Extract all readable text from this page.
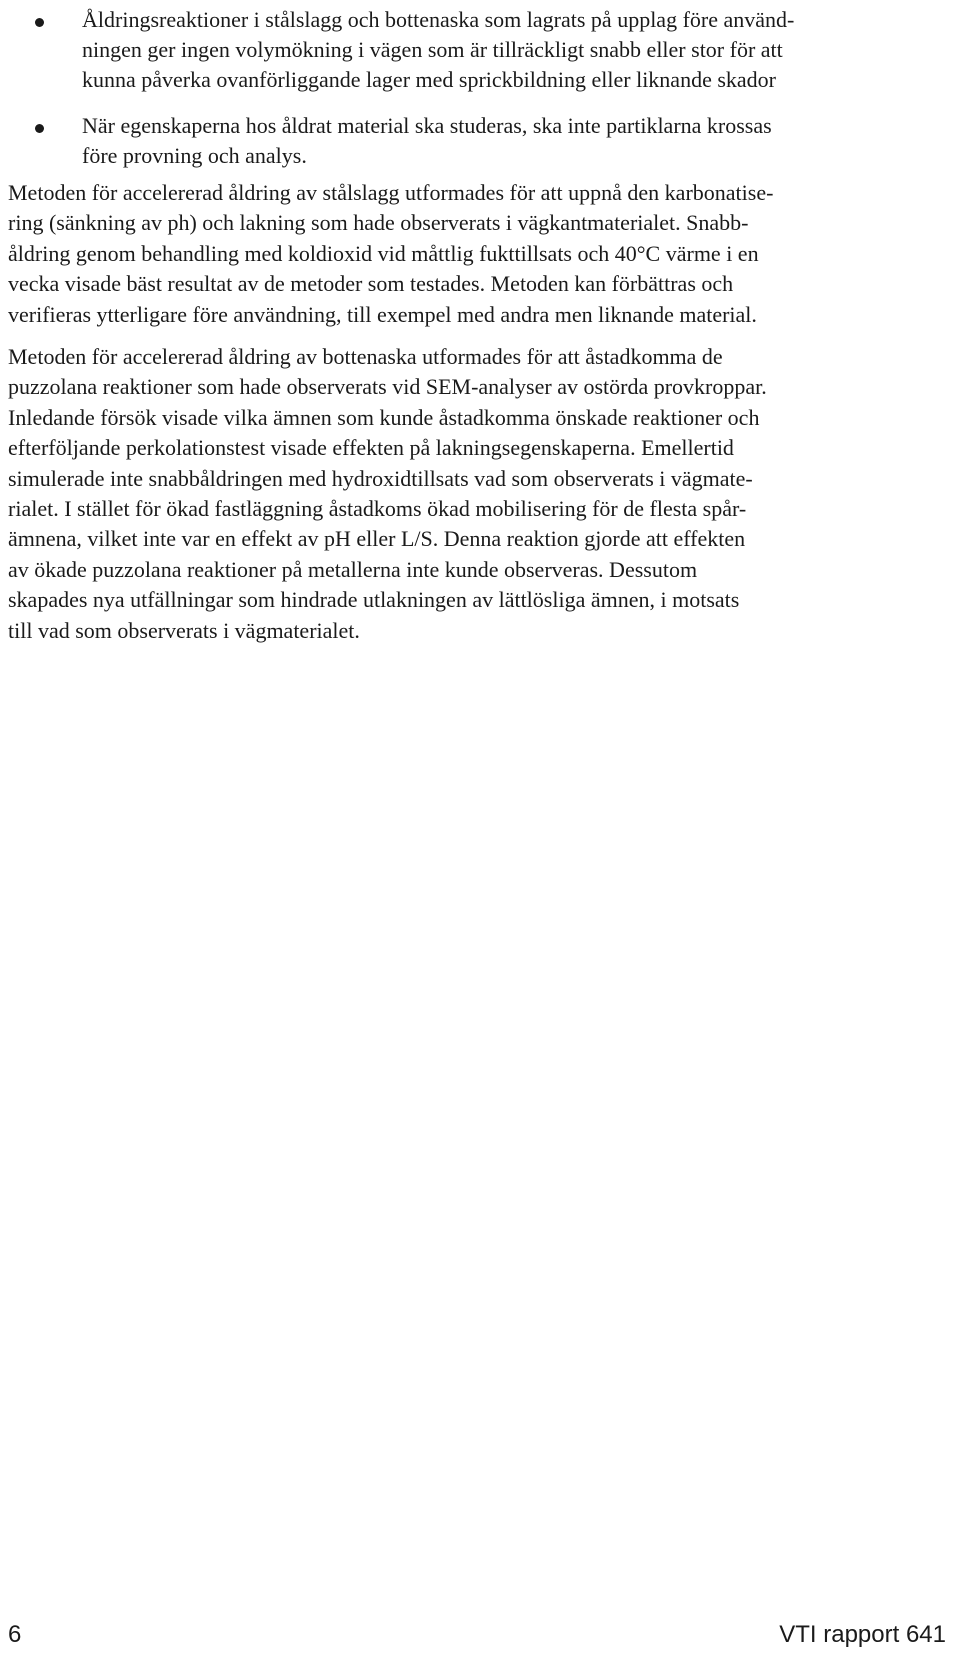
Åldringsreaktioner i stålslagg och bottenaska som lagrats på upplag före använd-
ningen ger ingen volymökning i vägen som är tillräckligt snabb eller stor för att
kunna påverka ovanförliggande lager med sprickbildning eller liknande skador
När egenskaperna hos åldrat material ska studeras, ska inte partiklarna krossas
före provning och analys.

Metoden för accelererad åldring av stålslagg utformades för att uppnå den karbonatise-
ring (sänkning av ph) och lakning som hade observerats i vägkantmaterialet. Snabb-
åldring genom behandling med koldioxid vid måttlig fukttillsats och 40°C värme i en
vecka visade bäst resultat av de metoder som testades. Metoden kan förbättras och
verifieras ytterligare före användning, till exempel med andra men liknande material.

Metoden för accelererad åldring av bottenaska utformades för att åstadkomma de
puzzolana reaktioner som hade observerats vid SEM-analyser av ostörda provkroppar.
Inledande försök visade vilka ämnen som kunde åstadkomma önskade reaktioner och
efterföljande perkolationstest visade effekten på lakningsegenskaperna. Emellertid
simulerade inte snabbåldringen med hydroxidtillsats vad som observerats i vägmate-
rialet. I stället för ökad fastläggning åstadkoms ökad mobilisering för de flesta spår-
ämnena, vilket inte var en effekt av pH eller L/S. Denna reaktion gjorde att effekten
av ökade puzzolana reaktioner på metallerna inte kunde observeras. Dessutom
skapades nya utfällningar som hindrade utlakningen av lättlösliga ämnen, i motsats
till vad som observerats i vägmaterialet.

6	VTI rapport 641
